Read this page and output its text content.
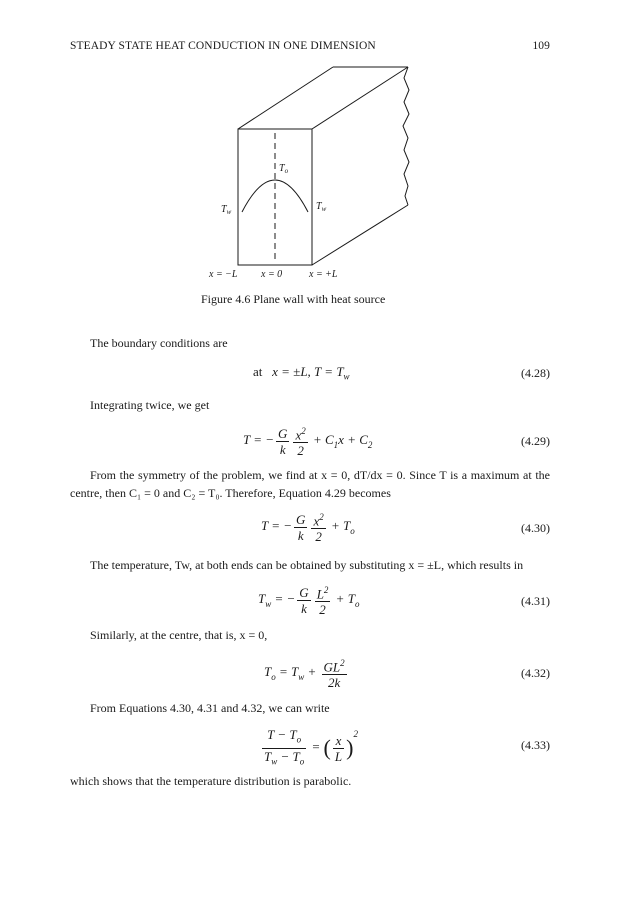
STEADY STATE HEAT CONDUCTION IN ONE DIMENSION	109
$T_o$
$T_w$	$T_w$
x = −L x = 0	x = +L
Figure 4.6 Plane wall with heat source
The boundary conditions are
at   x = ±L, $T = T_w$	(4.28)
Integrating twice, we get
T = − $\frac{G}{k} \frac{x^2}{2} + C_1x + C_2$	(4.29)
From the symmetry of the problem, we find at x = 0, dT/dx = 0. Since T is a maximum at the centre, then C₁ = 0 and C₂ = T₀. Therefore, Equation 4.29 becomes
T = − $\frac{G}{k} \frac{x^2}{2} + T_o$	(4.30)
The temperature, Tw, at both ends can be obtained by substituting x = ±L, which results in
$T_w$ = − $\frac{G}{k} \frac{L^2}{2} + T_o$	(4.31)
Similarly, at the centre, that is, x = 0,
$T_o = T_w + \frac{GL^2}{2k}$	(4.32)
From Equations 4.30, 4.31 and 4.32, we can write
$\frac{T - T_o}{T_w - T_o}$ = ( $\frac{x}{L} )^2$
(4.33)
which shows that the temperature distribution is parabolic.
